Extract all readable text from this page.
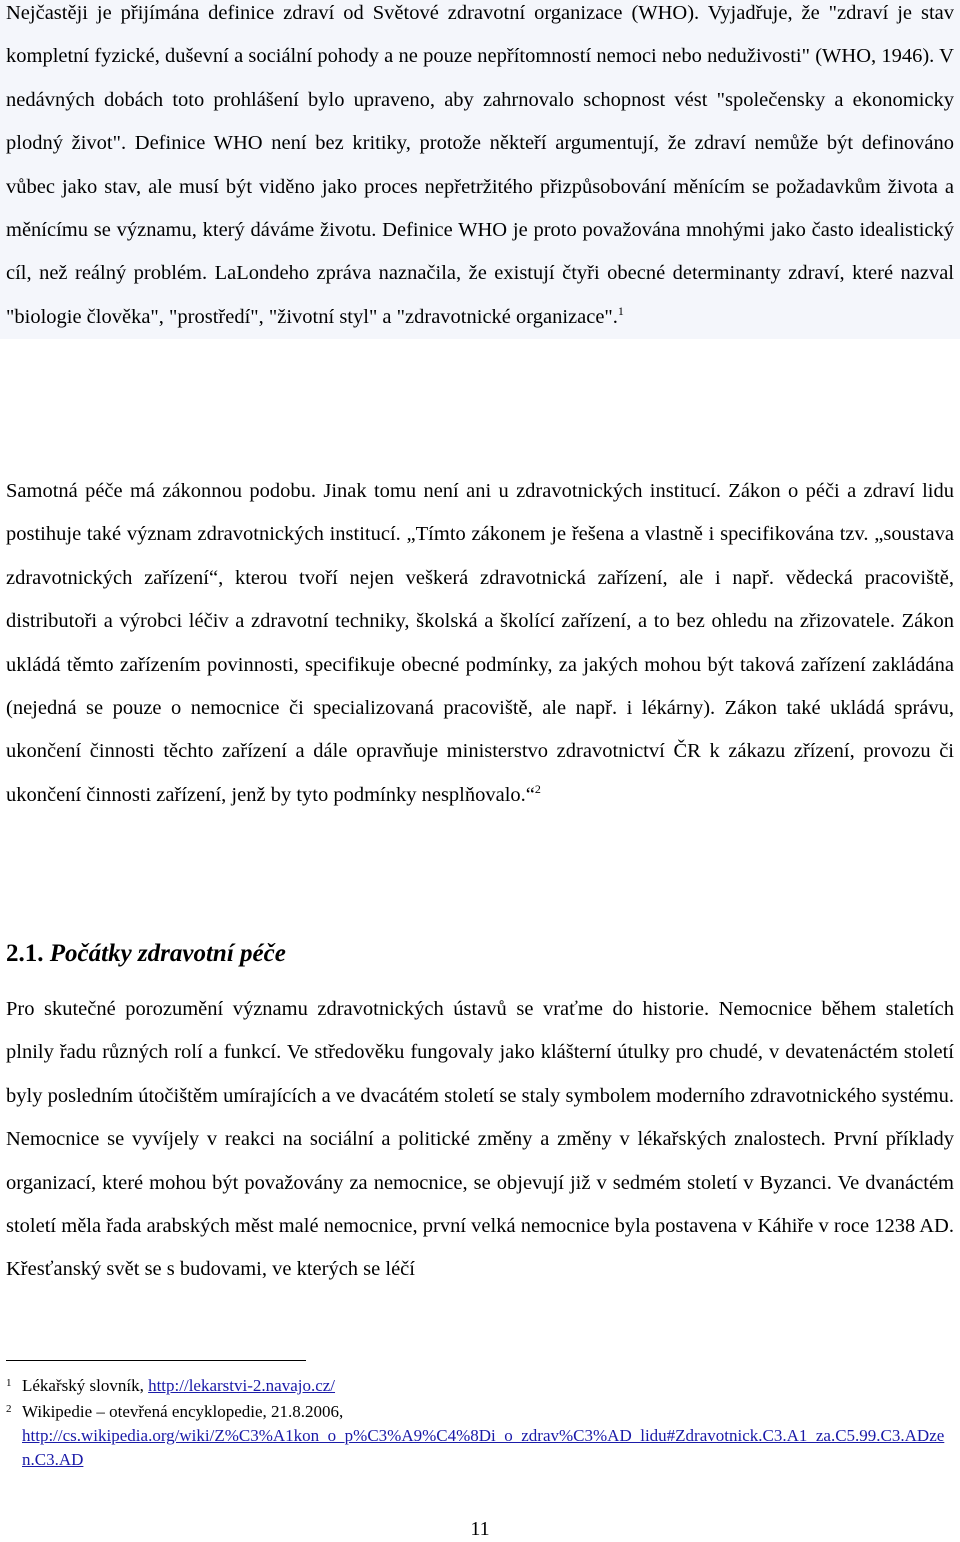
Nejčastěji je přijímána definice zdraví od Světové zdravotní organizace (WHO). Vyjadřuje, že "zdraví je stav kompletní fyzické, duševní a sociální pohody a ne pouze nepřítomností nemoci nebo neduživosti" (WHO, 1946). V nedávných dobách toto prohlášení bylo upraveno, aby zahrnovalo schopnost vést "společensky a ekonomicky plodný život". Definice WHO není bez kritiky, protože někteří argumentují, že zdraví nemůže být definováno vůbec jako stav, ale musí být viděno jako proces nepřetržitého přizpůsobování měnícím se požadavkům života a měnícímu se významu, který dáváme životu. Definice WHO je proto považována mnohými jako často idealistický cíl, než reálný problém. LaLondeho zpráva naznačila, že existují čtyři obecné determinanty zdraví, které nazval "biologie člověka", "prostředí", "životní styl" a "zdravotnické organizace".$^1$

Samotná péče má zákonnou podobu. Jinak tomu není ani u zdravotnických institucí. Zákon o péči a zdraví lidu postihuje také význam zdravotnických institucí. „Tímto zákonem je řešena a vlastně i specifikována tzv. „soustava zdravotnických zařízení“, kterou tvoří nejen veškerá zdravotnická zařízení, ale i např. vědecká pracoviště, distributoři a výrobci léčiv a zdravotní techniky, školská a školící zařízení, a to bez ohledu na zřizovatele. Zákon ukládá těmto zařízením povinnosti, specifikuje obecné podmínky, za jakých mohou být taková zařízení zakládána (nejedná se pouze o nemocnice či specializovaná pracoviště, ale např. i lékárny). Zákon také ukládá správu, ukončení činnosti těchto zařízení a dále opravňuje ministerstvo zdravotnictví ČR k zákazu zřízení, provozu či ukončení činnosti zařízení, jenž by tyto podmínky nesplňovalo.“$^2$

2.1. Počátky zdravotní péče

Pro skutečné porozumění významu zdravotnických ústavů se vraťme do historie. Nemocnice během staletích plnily řadu různých rolí a funkcí. Ve středověku fungovaly jako klášterní útulky pro chudé, v devatenáctém století byly posledním útočištěm umírajících a ve dvacátém století se staly symbolem moderního zdravotnického systému. Nemocnice se vyvíjely v reakci na sociální a politické změny a změny v lékařských znalostech. První příklady organizací, které mohou být považovány za nemocnice, se objevují již v sedmém století v Byzanci. Ve dvanáctém století měla řada arabských měst malé nemocnice, první velká nemocnice byla postavena v Káhiře v roce 1238 AD. Křesťanský svět se s budovami, ve kterých se léčí

1 Lékařský slovník, http://lekarstvi-2.navajo.cz/

2 Wikipedie – otevřená encyklopedie, 21.8.2006,
http://cs.wikipedia.org/wiki/Z%C3%A1kon_o_p%C3%A9%C4%8Di_o_zdrav%C3%AD_lidu#Zdravotnick.C3.A1_za.C5.99.C3.ADzen.C3.AD

11
